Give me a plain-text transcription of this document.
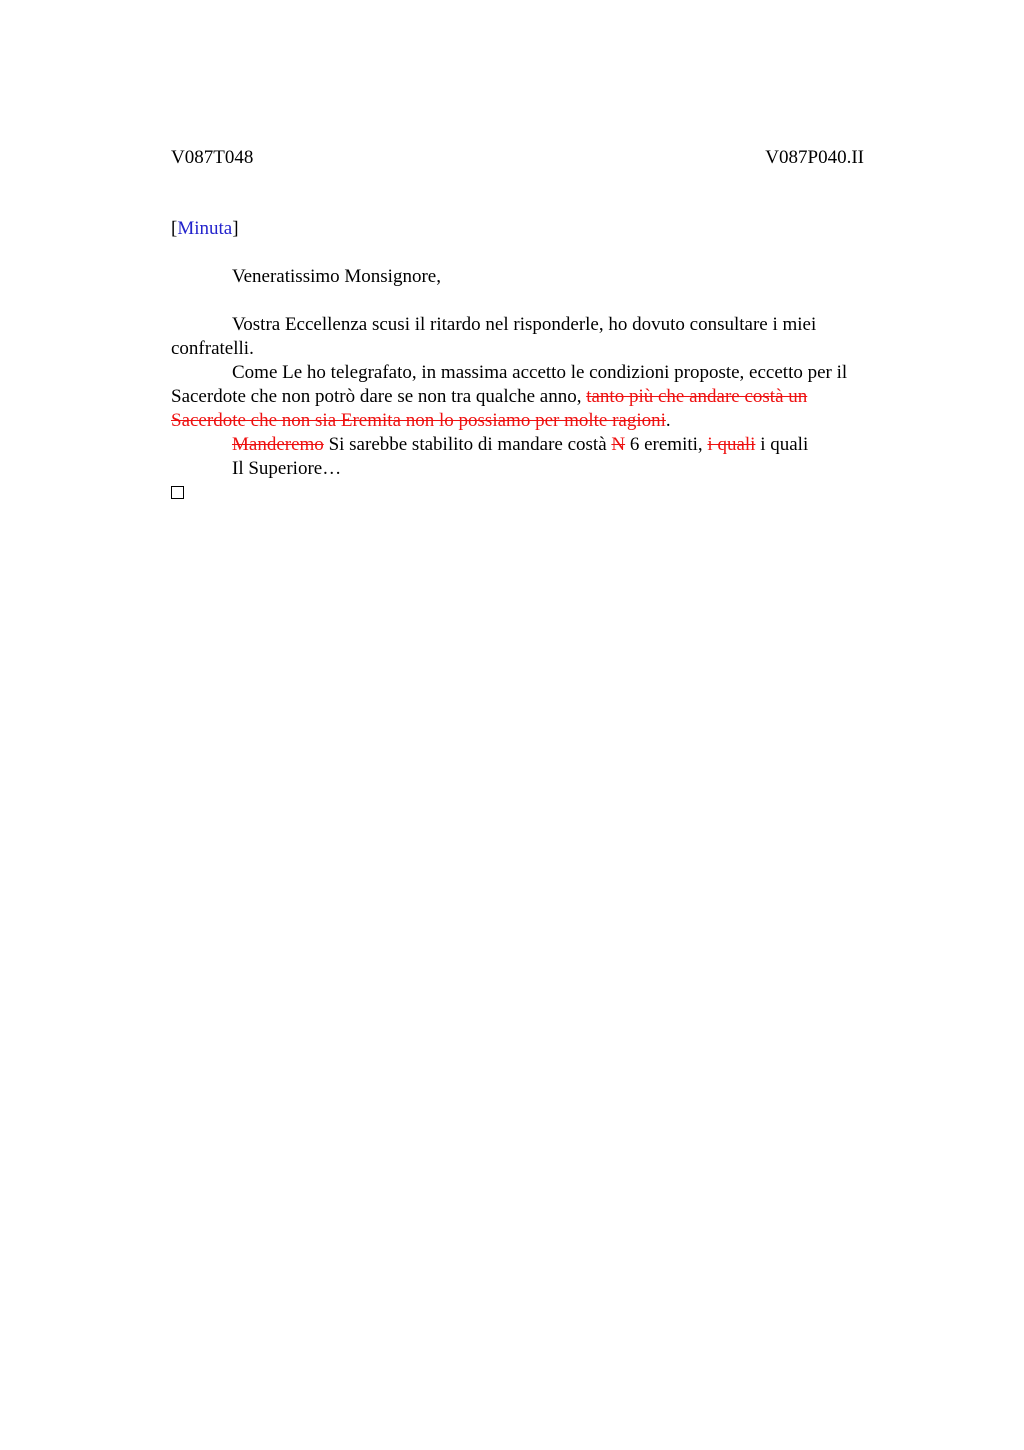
V087T048	V087P040.II
[Minuta]
Veneratissimo Monsignore,
Vostra Eccellenza scusi il ritardo nel risponderle, ho dovuto consultare i miei
confratelli.
Come Le ho telegrafato, in massima accetto le condizioni proposte, eccetto per il
Sacerdote che non potrò dare se non tra qualche anno, tanto più che andare costà un
Sacerdote che non sia Eremita non lo possiamo per molte ragioni.
Manderemo Si sarebbe stabilito di mandare costà N 6 eremiti, i quali i quali
Il Superiore…
